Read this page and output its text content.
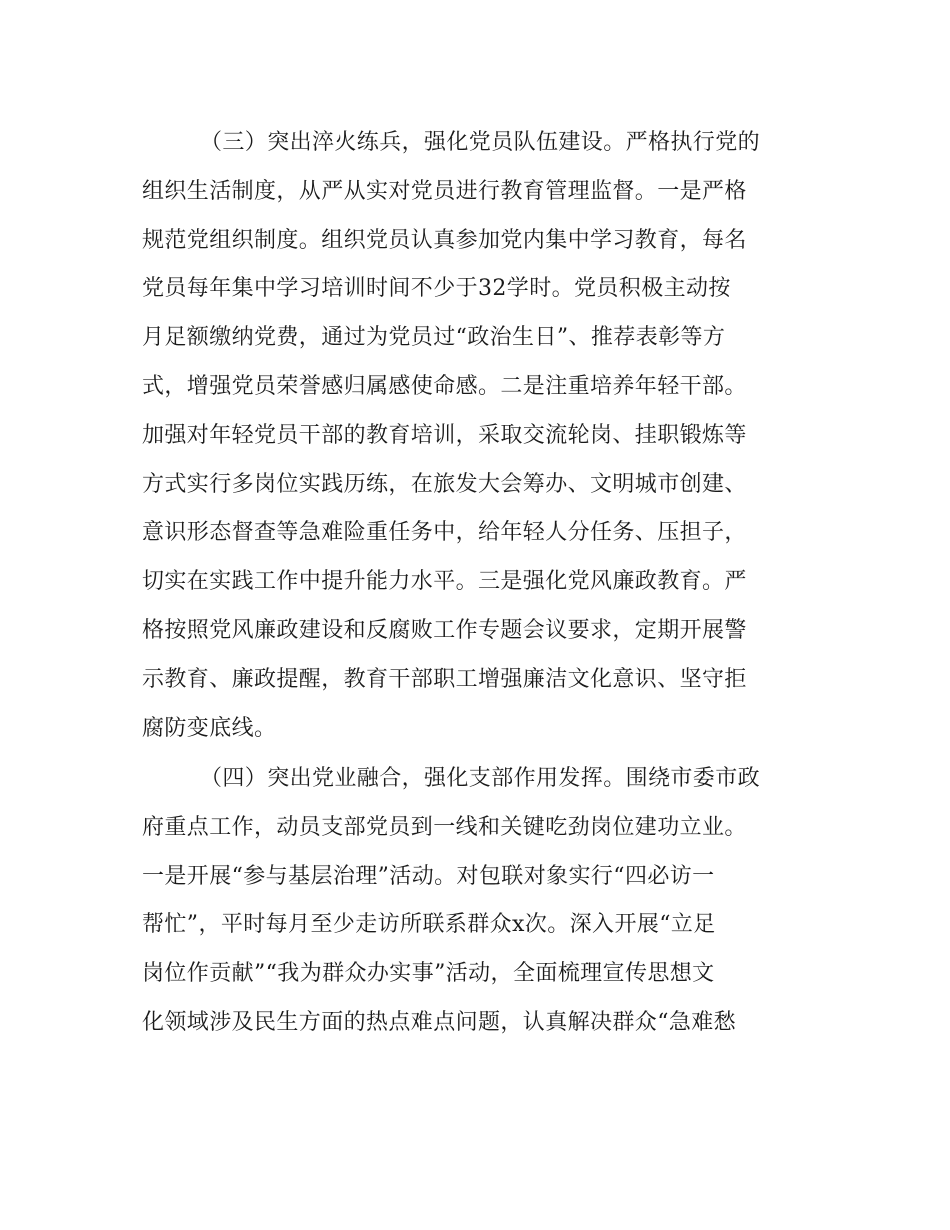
（三）突出淬火练兵，强化党员队伍建设。严格执行党的
组织生活制度，从严从实对党员进行教育管理监督。一是严格
规范党组织制度。组织党员认真参加党内集中学习教育，每名
党员每年集中学习培训时间不少于32学时。党员积极主动按
月足额缴纳党费，通过为党员过“政治生日”、推荐表彰等方
式，增强党员荣誉感归属感使命感。二是注重培养年轻干部。
加强对年轻党员干部的教育培训，采取交流轮岗、挂职锻炼等
方式实行多岗位实践历练，在旅发大会筹办、文明城市创建、
意识形态督查等急难险重任务中，给年轻人分任务、压担子，
切实在实践工作中提升能力水平。三是强化党风廉政教育。严
格按照党风廉政建设和反腐败工作专题会议要求，定期开展警
示教育、廉政提醒，教育干部职工增强廉洁文化意识、坚守拒
腐防变底线。
（四）突出党业融合，强化支部作用发挥。围绕市委市政
府重点工作，动员支部党员到一线和关键吃劲岗位建功立业。
一是开展“参与基层治理”活动。对包联对象实行“四必访一
帮忙”，平时每月至少走访所联系群众x次。深入开展“立足
岗位作贡献”“我为群众办实事”活动，全面梳理宣传思想文
化领域涉及民生方面的热点难点问题，认真解决群众“急难愁
